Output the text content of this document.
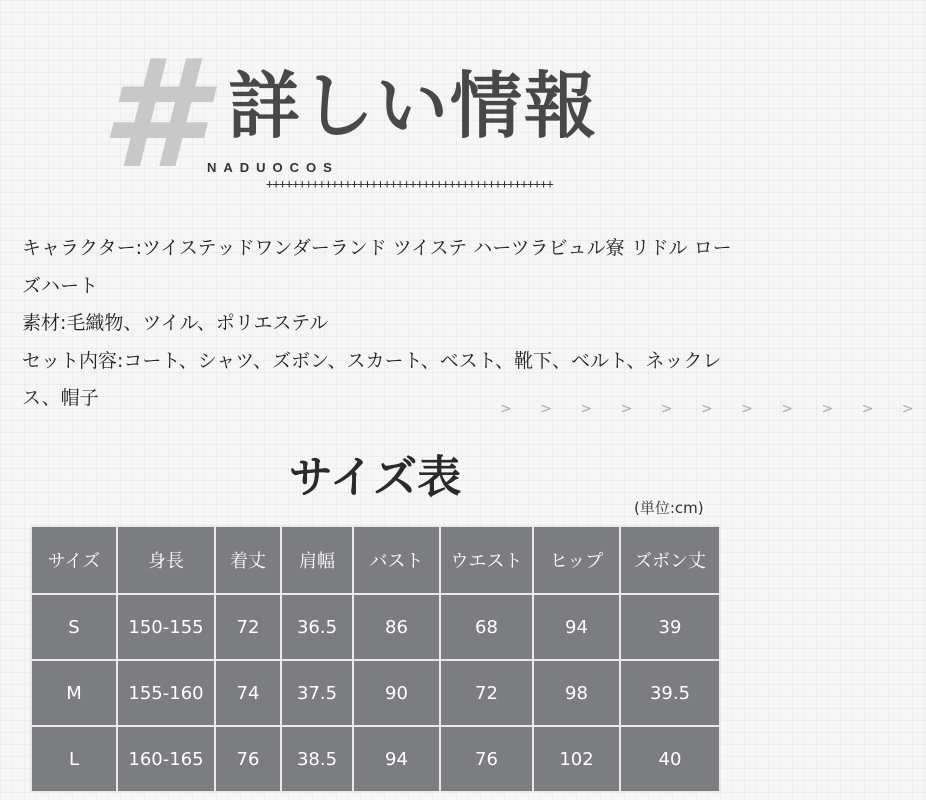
# 詳しい情報
NADUOCOS
++++++++++++++++++++++++++++++++++++++++++++

キャラクター:ツイステッドワンダーランド ツイステ ハーツラビュル寮 リドル ローズハート

素材:毛織物、ツイル、ポリエステル

セット内容:コート、シャツ、ズボン、スカート、ベスト、靴下、ベルト、ネックレス、帽子	> > > > > > > > > > >
サイズ表
(単位:cm)
サイズ	身長	着丈	肩幅	バスト	ウエスト	ヒップ	ズボン丈
S	150-155	72	36.5	86	68	94	39
M	155-160	74	37.5	90	72	98	39.5
L	160-165	76	38.5	94	76	102	40
